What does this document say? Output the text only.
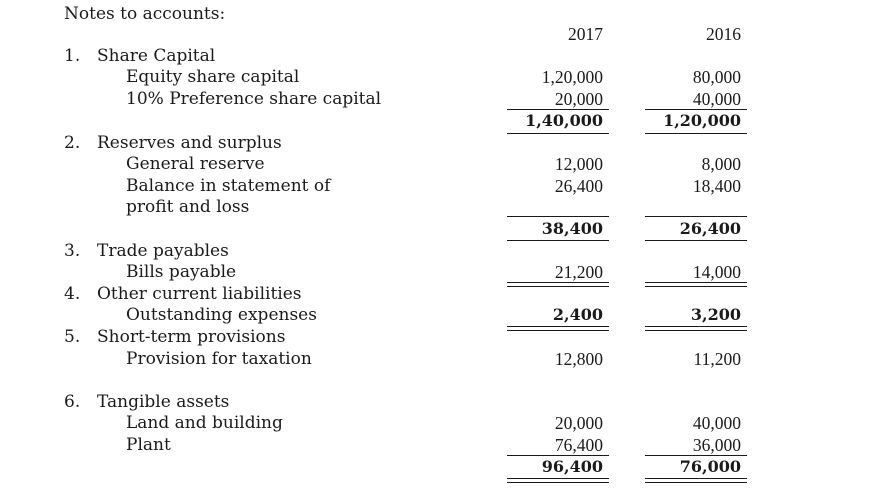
Notes to accounts:
2017	2016
1. Share Capital
Equity share capital	1,20,000	80,000
10% Preference share capital	20,000	40,000
1,40,000	1,20,000
2. Reserves and surplus
General reserve	12,000	8,000
Balance in statement of
profit and loss
26,400	18,400
38,400	26,400
3. Trade payables
Bills payable	21,200	14,000
4. Other current liabilities
Outstanding expenses	2,400	3,200
5. Short-term provisions
Provision for taxation	12,800	11,200
6. Tangible assets
Land and building	20,000	40,000
Plant	76,400	36,000
96,400	76,000
